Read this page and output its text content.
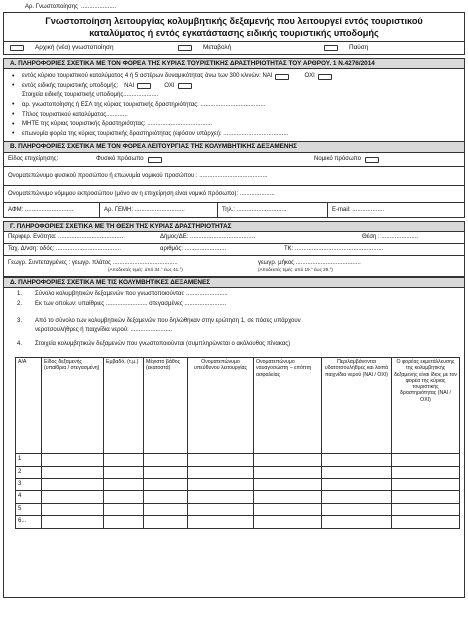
Αρ. Γνωστοποίησης .....................
Γνωστοποίηση λειτουργίας κολυμβητικής δεξαμενής που λειτουργεί εντός τουριστικού
καταλύματος ή εντός εγκατάστασης ειδικής τουριστικής υποδομής
Αρχική (νέα) γνωστοποίηση	Μεταβολή	Παύση
Α. ΠΛΗΡΟΦΟΡΙΕΣ ΣΧΕΤΙΚΑ ΜΕ ΤΟΝ ΦΟΡΕΑ ΤΗΣ ΚΥΡΙΑΣ ΤΟΥΡΙΣΤΙΚΗΣ ΔΡΑΣΤΗΡΙΟΤΗΤΑΣ ΤΟΥ ΑΡΘΡΟΥ. 1 Ν.4276/2014
•	εντός κύριου τουριστικού καταλύματος 4 ή 5 αστέρων δυναμικότητας άνω των 300 κλινών: ΝΑΙ	ΟΧΙ
•	εντός ειδικής τουριστικής υποδομής: ΝΑΙ	ΟΧΙ
Στοιχεία ειδικής τουριστικής υποδομής.....................
•	αρ. γνωστοποίησης ή ΕΣΛ της κύριας τουριστικής δραστηριότητας: .......................................
•	Τίτλος τουριστικού καταλύματος.............
•	ΜΗΤΕ της κύριας τουριστικής δραστηριότητας: .......................................
•	επωνυμία φορέα της κύριας τουριστικής δραστηριότητας (εφόσον υπάρχει): .......................................
Β. ΠΛΗΡΟΦΟΡΙΕΣ ΣΧΕΤΙΚΑ ΜΕ ΤΟΝ ΦΟΡΕΑ ΛΕΙΤΟΥΡΓΙΑΣ ΤΗΣ ΚΟΛΥΜΒΗΤΙΚΗΣ ΔΕΞΑΜΕΝΗΣ
Είδος επιχείρησης:	Φυσικό πρόσωπο	Νομικό πρόσωπο
Ονοματεπώνυμο φυσικού προσώπου ή επωνυμία νομικού προσώπου : .........................................
Ονοματεπώνυμο νόμιμου εκπροσώπου (μόνο αν η επιχείρηση είναι νομικό πρόσωπο): .....................
ΑΦΜ: .............................	Αρ. ΓΕΜΗ: ..............................	Τηλ.: ..............................	E-mail: ...................
Γ. ΠΛΗΡΟΦΟΡΙΕΣ ΣΧΕΤΙΚΑ ΜΕ ΤΗ ΘΕΣΗ ΤΗΣ ΚΥΡΙΑΣ ΔΡΑΣΤΗΡΙΟΤΗΤΑΣ
Περιφερ. Ενότητα: .......................................	Δήμος/ΔΕ: .......................................	Θέση : ......................
Ταχ. Δ/νση: οδός: .......................................	αριθμός: .........................	ΤΚ: .....................................................
Γεωγρ. Συντεταγμένες : γεωγρ. πλάτος .......................................	γεωγρ. μήκος .......................................
(Αποδεκτές τιμές: από 34.° έως 41.°)	(Αποδεκτές τιμές: από 19.° έως 29.°)
Δ. ΠΛΗΡΟΦΟΡΙΕΣ ΣΧΕΤΙΚΑ ΜΕ ΤΙΣ ΚΟΛΥΜΒΗΤΙΚΕΣ ΔΕΞΑΜΕΝΕΣ
1.	Σύνολο κολυμβητικών δεξαμενών που γνωστοποιούνται: .........................
2.	Εκ των οποίων: υπαίθριες ......................... στεγασμένες .........................
3.	Από το σύνολο των κολυμβητικών δεξαμενών που δηλώθηκαν στην ερώτηση 1, σε πόσες υπάρχουν
νεροτσουλήθρες ή παιχνίδια νερού: .........................
4.	Στοιχεία κολυμβητικών δεξαμενών που γνωστοποιούνται (συμπληρώνεται ο ακόλουθος πίνακας)
Α/Α	Είδος δεξαμενής (υπαίθρια / στεγασμένη)	Εμβαδό. (τ.μ.)	Μέγιστο βάθος (εκατοστά)	Ονοματεπώνυμο υπεύθυνου λειτουργίας	Ονοματεπώνυμο ναυαγοσώστη – επόπτη ασφαλείας	Περιλαμβάνονται υδατοτσουλήθρες και λοιπά παιχνίδια νερού (ΝΑΙ / ΟΧΙ)	Ο φορέας εκμετάλλευσης της κολυμβητικής δεξαμενής είναι ίδιος με τον φορέα της κύριας τουριστικής δραστηριότητας (ΝΑΙ / ΟΧΙ)
1							
2							
3							
4							
5							
6...							
